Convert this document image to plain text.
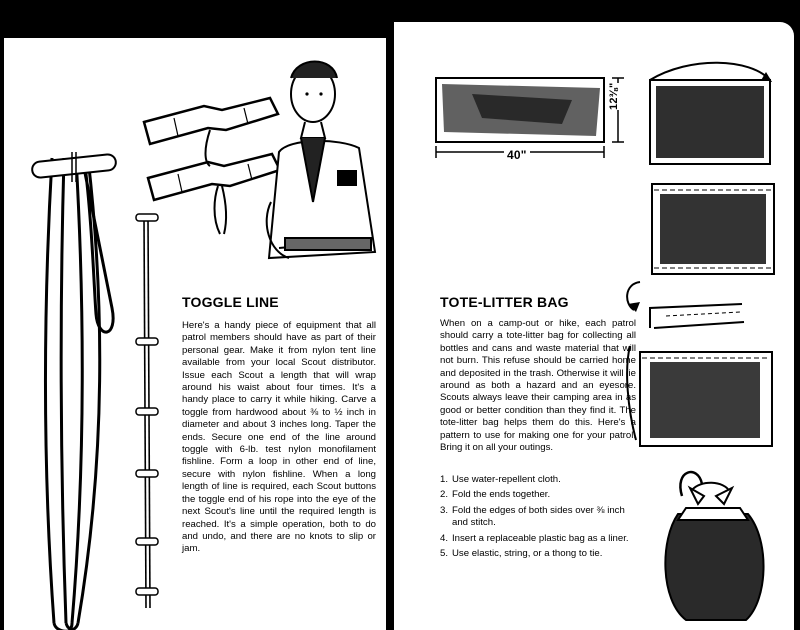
TOGGLE LINE
Here's a handy piece of equipment that all patrol members should have as part of their personal gear. Make it from nylon tent line available from your local Scout distributor. Issue each Scout a length that will wrap around his waist about four times. It's a handy place to carry it while hiking. Carve a toggle from hardwood about ⅜ to ½ inch in diameter and about 3 inches long. Taper the ends. Secure one end of the line around toggle with 6-lb. test nylon monofilament fishline. Form a loop in other end of line, secure with nylon fishline. When a long length of line is required, each Scout buttons the toggle end of his rope into the eye of the next Scout's line until the required length is reached. It's a simple operation, both to do and undo, and there are no knots to slip or jam.
40"
12⅜"
TOTE-LITTER BAG
When on a camp-out or hike, each patrol should carry a tote-litter bag for collecting all bottles and cans and waste material that will not burn. This refuse should be carried home and deposited in the trash. Otherwise it will lie around as both a hazard and an eyesore. Scouts always leave their camping area in as good or better condition than they find it. The tote-litter bag helps them do this. Here's a pattern to use for making one for your patrol. Bring it on all your outings.
1. Use water-repellent cloth.
2. Fold the ends together.
3. Fold the edges of both sides over ⅜ inch and stitch.
4. Insert a replaceable plastic bag as a liner.
5. Use elastic, string, or a thong to tie.
